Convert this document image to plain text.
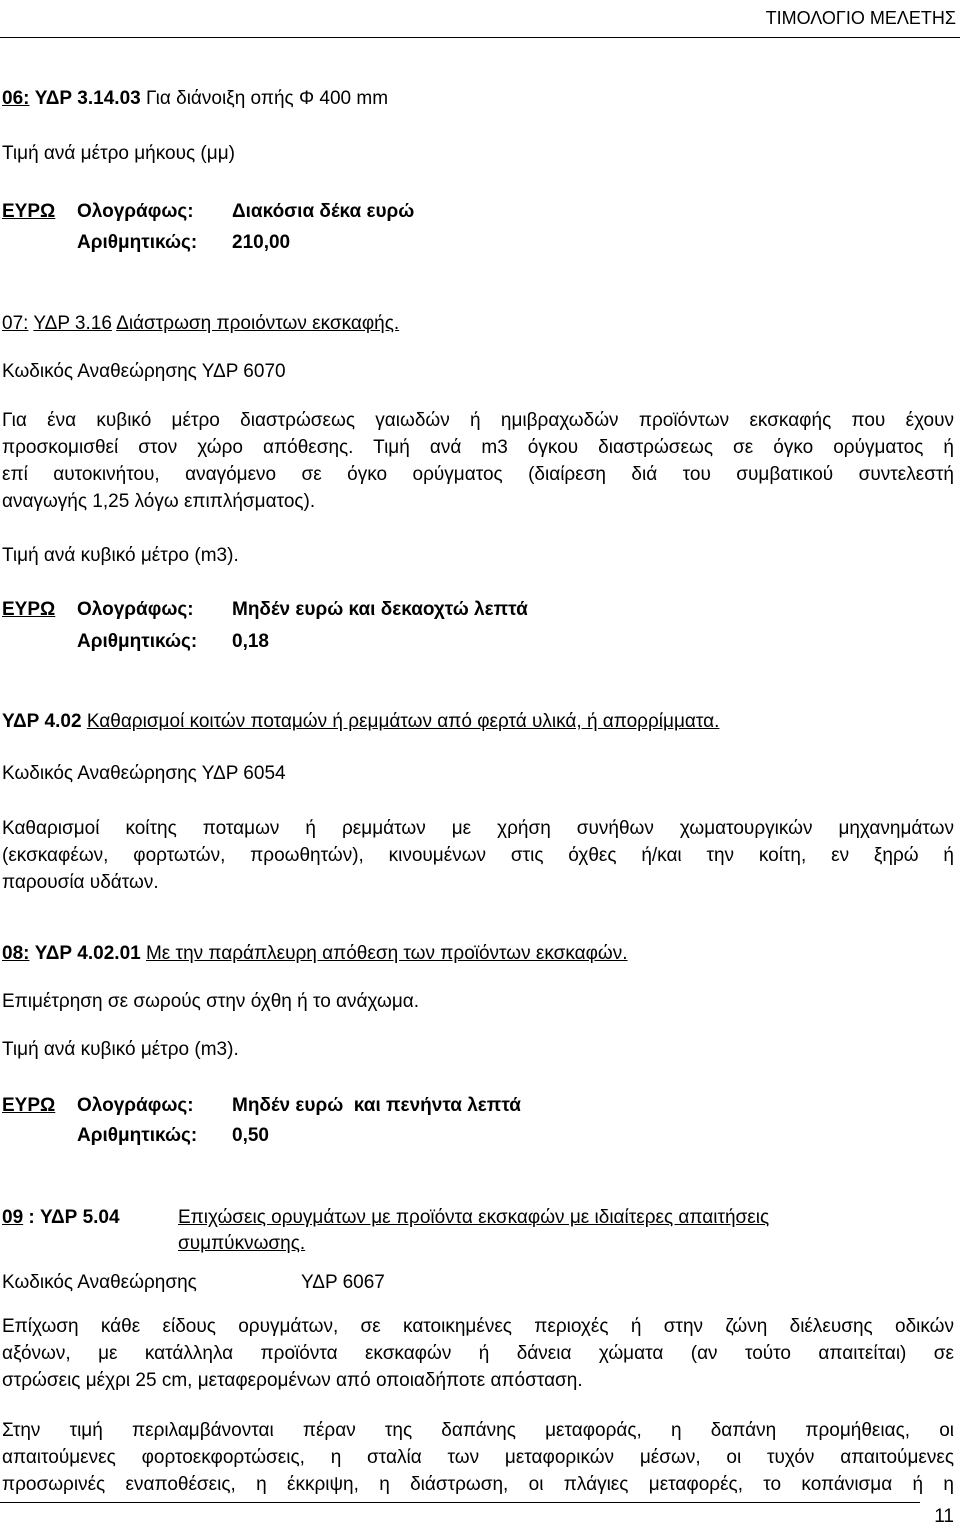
ΤΙΜΟΛΟΓΙΟ ΜΕΛΕΤΗΣ
06: ΥΔΡ 3.14.03 Για διάνοιξη οπής Φ 400 mm
Τιμή ανά μέτρο μήκους (μμ)
ΕΥΡΩ Ολογράφως: Διακόσια δέκα ευρώ
Αριθμητικώς: 210,00
07: ΥΔΡ 3.16 Διάστρωση προιόντων εκσκαφής.
Κωδικός Αναθεώρησης ΥΔΡ 6070
Για ένα κυβικό μέτρο διαστρώσεως γαιωδών ή ημιβραχωδών προϊόντων εκσκαφής που έχουν
προσκομισθεί στον χώρο απόθεσης. Τιμή ανά m3 όγκου διαστρώσεως σε όγκο ορύγματος ή
επί αυτοκινήτου, αναγόμενο σε όγκο ορύγματος (διαίρεση διά του συμβατικού συντελεστή
αναγωγής 1,25 λόγω επιπλήσματος).
Τιμή ανά κυβικό μέτρο (m3).
ΕΥΡΩ Ολογράφως: Μηδέν ευρώ και δεκαοχτώ λεπτά
Αριθμητικώς: 0,18
ΥΔΡ 4.02 Καθαρισμοί κοιτών ποταμών ή ρεμμάτων από φερτά υλικά, ή απορρίμματα.
Κωδικός Αναθεώρησης ΥΔΡ 6054
Καθαρισμοί κοίτης ποταμων ή ρεμμάτων με χρήση συνήθων χωματουργικών μηχανημάτων
(εκσκαφέων, φορτωτών, προωθητών), κινουμένων στις όχθες ή/και την κοίτη, εν ξηρώ ή
παρουσία υδάτων.
08: ΥΔΡ 4.02.01 Με την παράπλευρη απόθεση των προϊόντων εκσκαφών.
Επιμέτρηση σε σωρούς στην όχθη ή το ανάχωμα.
Τιμή ανά κυβικό μέτρο (m3).
ΕΥΡΩ Ολογράφως: Μηδέν ευρώ  και πενήντα λεπτά
Αριθμητικώς: 0,50
09 : ΥΔΡ 5.04	Επιχώσεις ορυγμάτων με προϊόντα εκσκαφών με ιδιαίτερες απαιτήσεις
συμπύκνωσης.
Κωδικός Αναθεώρησης	ΥΔΡ 6067
Επίχωση κάθε είδους ορυγμάτων, σε κατοικημένες περιοχές ή στην ζώνη διέλευσης οδικών
αξόνων, με κατάλληλα προϊόντα εκσκαφών ή δάνεια χώματα (αν τούτο απαιτείται) σε
στρώσεις μέχρι 25 cm, μεταφερομένων από οποιαδήποτε απόσταση.
Στην τιμή περιλαμβάνονται πέραν της δαπάνης μεταφοράς, η δαπάνη προμήθειας, οι
απαιτούμενες φορτοεκφορτώσεις, η σταλία των μεταφορικών μέσων, οι τυχόν απαιτούμενες
προσωρινές εναποθέσεις, η έκκριψη, η διάστρωση, οι πλάγιες μεταφορές, το κοπάνισμα ή η
11
